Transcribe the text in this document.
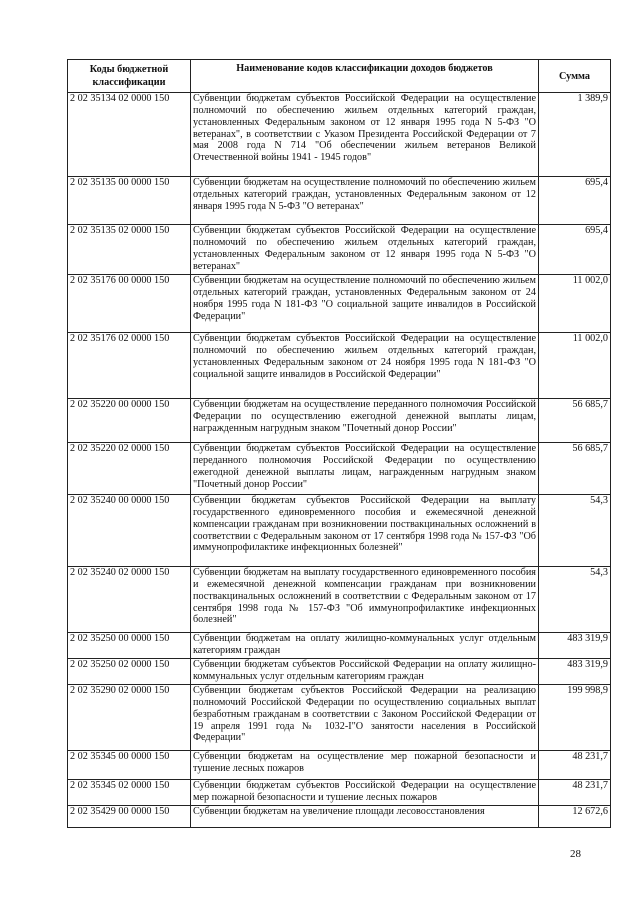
Коды бюджетной классификации	Наименование кодов классификации доходов бюджетов	Сумма
2 02 35134 02 0000 150	Субвенции бюджетам субъектов Российской Федерации на осуществление полномочий по обеспечению жильем отдельных категорий граждан, установленных Федеральным законом от 12 января 1995 года N 5-ФЗ "О ветеранах", в соответствии с Указом Президента Российской Федерации от 7 мая 2008 года N 714 "Об обеспечении жильем ветеранов Великой Отечественной войны 1941 - 1945 годов"	1 389,9
2 02 35135 00 0000 150	Субвенции бюджетам на осуществление полномочий по обеспечению жильем отдельных категорий граждан, установленных Федеральным законом от 12 января 1995 года N 5-ФЗ "О ветеранах"	695,4
2 02 35135 02 0000 150	Субвенции бюджетам субъектов Российской Федерации на осуществление полномочий по обеспечению жильем отдельных категорий граждан, установленных Федеральным законом от 12 января 1995 года N 5-ФЗ "О ветеранах"	695,4
2 02 35176 00 0000 150	Субвенции бюджетам на осуществление полномочий по обеспечению жильем отдельных категорий граждан, установленных Федеральным законом от 24 ноября 1995 года N 181-ФЗ "О социальной защите инвалидов в Российской Федерации"	11 002,0
2 02 35176 02 0000 150	Субвенции бюджетам субъектов Российской Федерации на осуществление полномочий по обеспечению жильем отдельных категорий граждан, установленных Федеральным законом от 24 ноября 1995 года N 181-ФЗ "О социальной защите инвалидов в Российской Федерации"	11 002,0
2 02 35220 00 0000 150	Субвенции бюджетам на осуществление переданного полномочия Российской Федерации по осуществлению ежегодной денежной выплаты лицам, награжденным нагрудным знаком "Почетный донор России"	56 685,7
2 02 35220 02 0000 150	Субвенции бюджетам субъектов Российской Федерации на осуществление переданного полномочия Российской Федерации по осуществлению ежегодной денежной выплаты лицам, награжденным нагрудным знаком "Почетный донор России"	56 685,7
2 02 35240 00 0000 150	Субвенции бюджетам субъектов Российской Федерации на выплату государственного единовременного пособия и ежемесячной денежной компенсации гражданам при возникновении поствакцинальных осложнений в соответствии с Федеральным законом от 17 сентября 1998 года № 157-ФЗ "Об иммунопрофилактике инфекционных болезней"	54,3
2 02 35240 02 0000 150	Субвенции бюджетам на выплату государственного единовременного пособия и ежемесячной денежной компенсации гражданам при возникновении поствакцинальных осложнений в соответствии с Федеральным законом от 17 сентября 1998 года № 157-ФЗ "Об иммунопрофилактике инфекционных болезней"	54,3
2 02 35250 00 0000 150	Субвенции бюджетам на оплату жилищно-коммунальных услуг отдельным категориям граждан	483 319,9
2 02 35250 02 0000 150	Субвенции бюджетам субъектов Российской Федерации на оплату жилищно-коммунальных услуг отдельным категориям граждан	483 319,9
2 02 35290 02 0000 150	Субвенции бюджетам субъектов Российской Федерации на реализацию полномочий Российской Федерации по осуществлению социальных выплат безработным гражданам в соответствии с Законом Российской Федерации от 19 апреля 1991 года № 1032-I"О занятости населения в Российской Федерации"	199 998,9
2 02 35345 00 0000 150	Субвенции бюджетам на осуществление мер пожарной безопасности и тушение лесных пожаров	48 231,7
2 02 35345 02 0000 150	Субвенции бюджетам субъектов Российской Федерации на осуществление мер пожарной безопасности и тушение лесных пожаров	48 231,7
2 02 35429 00 0000 150	Субвенции бюджетам на увеличение площади лесовосстановления	12 672,6
28
